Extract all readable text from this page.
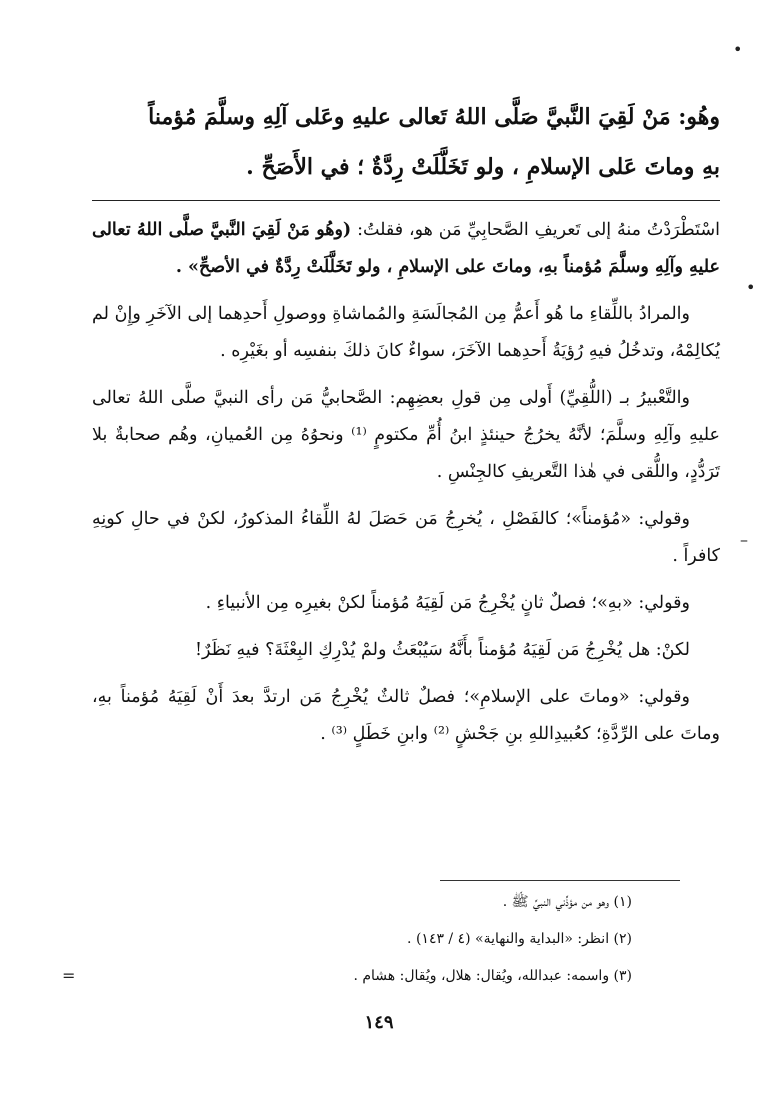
•
•
–
=

وهُو: مَنْ لَقِيَ النَّبيَّ صَلَّى اللهُ تَعالى عليهِ وعَلى آلِهِ وسلَّمَ مُؤمناً

بهِ وماتَ عَلى الإسلامِ ، ولو تَخَلَّلَتْ رِدَّةٌ ؛ في الأَصَحِّ .

اسْتَطْرَدْتُ منهُ إلى تَعريفِ الصَّحابِيِّ مَن هو، فقلتُ: (وهُو مَنْ لَقِيَ النَّبيَّ صلَّى اللهُ تعالى عليهِ وآلِهِ وسلَّمَ مُؤمناً بهِ، وماتَ على الإسلامِ ، ولو تَخَلَّلَتْ رِدَّةٌ في الأصحِّ» .

والمرادُ باللِّقاءِ ما هُو أَعمُّ مِن المُجالَسَةِ والمُماشاةِ ووصولِ أَحدِهما إلى الآخَرِ وإِنْ لم يُكالِمْهُ، وتدخُلُ فيهِ رُؤيَةُ أَحدِهما الآخَرَ، سواءٌ كانَ ذلكَ بنفسِه أو بغَيْرِه .

والتَّعْبيرُ بـ (اللُّقِيِّ) أَولى مِن قولِ بعضِهِم: الصَّحابيُّ مَن رأى النبيَّ صلَّى اللهُ تعالى عليهِ وآلِهِ وسلَّمَ؛ لأنَّهُ يخرُجُ حينئذٍ ابنُ أُمِّ مكتومٍ ⁽¹⁾ ونحوُهُ مِن العُميانِ، وهُم صحابةٌ بلا تَرَدُّدٍ، واللُّقى في هٰذا التَّعريفِ كالجِنْسِ .

وقولي: «مُؤمناً»؛ كالفَصْلِ ، يُخرِجُ مَن حَصَلَ لهُ اللِّقاءُ المذكورُ، لكنْ في حالِ كونِهِ كافراً .

وقولي: «بهِ»؛ فصلٌ ثانٍ يُخْرِجُ مَن لَقِيَهُ مُؤمناً لكنْ بغيرِه مِن الأنبياءِ .

لكنْ: هل يُخْرِجُ مَن لَقِيَهُ مُؤمناً بأَنَّهُ سَيُبْعَثُ ولمْ يُدْرِكِ البِعْثَةَ؟ فيهِ نَظَرٌ!

وقولي: «وماتَ على الإسلامِ»؛ فصلٌ ثالثٌ يُخْرِجُ مَن ارتدَّ بعدَ أَنْ لَقِيَهُ مُؤمناً بهِ، وماتَ على الرِّدَّةِ؛ كعُبيدِاللهِ بنِ جَحْشٍ ⁽²⁾ وابنِ خَطَلٍ ⁽³⁾ .

(١) وهو من مؤذِّني النبيِّ ﷺ .
(٢) انظر: «البداية والنهاية» (٤ / ١٤٣) .
(٣) واسمه: عبدالله، ويُقال: هلال، ويُقال: هشام .
١٤٩
